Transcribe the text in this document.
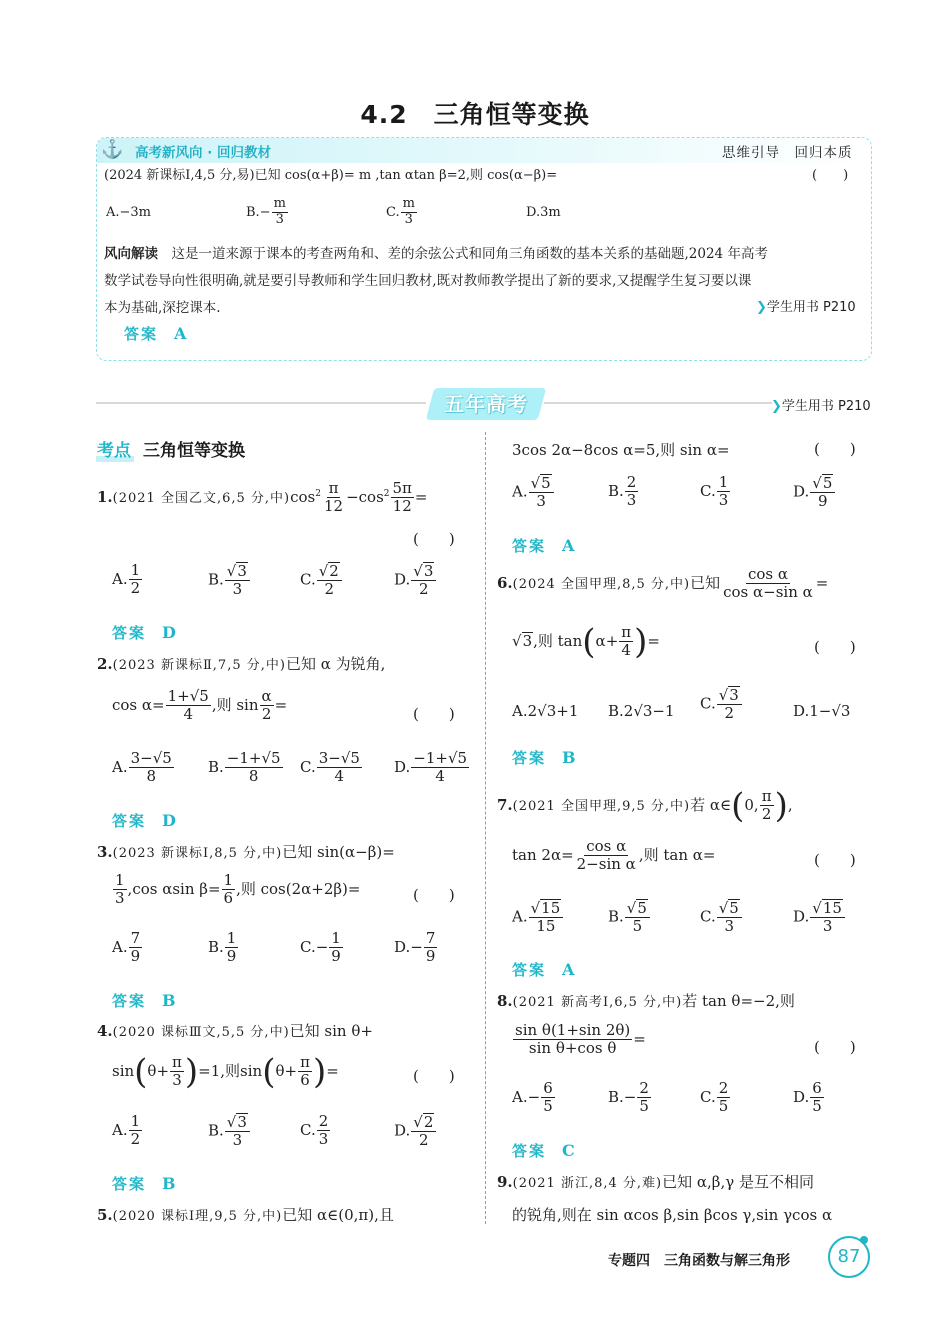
4.2　三角恒等变换
⚓ 高考新风向 · 回归教材	思维引导　回归本质
(2024 新课标Ⅰ,4,5 分,易)已知 cos(α+β)= m ,tan αtan β=2,则 cos(α−β)=	(　　)
A.−3m	$B.- \frac{m}{3}$	C. $\frac{m}{3}$	D.3m
风向解读　 这是一道来源于课本的考查两角和、差的余弦公式和同角三角函数的基本关系的基础题,2024 年高考
数学试卷导向性很明确,就是要引导教师和学生回归教材,既对教师教学提出了新的要求,又提醒学生复习要以课
本为基础,深挖课本.	❯学生用书 P210
答案　 A
五年高考	❯学生用书 P210
考点 三角恒等变换
1.(2021 全国乙文,6,5 分,中)$\cos^2 \frac{\pi}{12} -\cos^2 \frac{5\pi}{12}$ =
(　　)
A. $\frac{1}{2}$	B. $\frac{√3}{3}$	C. $\frac{√2}{2}$	D. $\frac{√3}{2}$
答案　 D
2.(2023 新课标Ⅱ,7,5 分,中)已知 α 为锐角,
$\cos \alpha= \frac{1+√5}{4}$ ,则 $\sin \frac{\alpha}{2}$ =
(　　)
A. $\frac{3-√5}{8} B$. $\frac{-1+√5}{8} C$. $\frac{3-√5}{4} D$. $\frac{-1+√5}{4}$
答案　 D
3.(2023 新课标Ⅰ,8,5 分,中)已知 sin(α−β)=
$\frac{1}{3} ,\cos$ αsin $\beta= \frac{1}{6}$ ,则 cos(2α+2β)=	(　　)
A. $\frac{7}{9}$	B. $\frac{1}{9}$	$C.- \frac{1}{9}$	$D.- \frac{7}{9}$
答案　 B
4.(2020 课标Ⅲ文,5,5 分,中)已知 sin θ+
$\sin(\theta+ \frac{\pi}{3} )=1$,则$\sin(\theta+ \frac{\pi}{6}$ )=	(　　)
A. $\frac{1}{2}$	B. $\frac{√3}{3}$	C. $\frac{2}{3}$	D. $\frac{√2}{2}$
答案　 B
5.(2020 课标Ⅰ理,9,5 分,中)已知 α∈(0,π),且
3cos 2α−8cos α=5,则 sin α=	(　　)
A. $\frac{√5}{3}$	B. $\frac{2}{3}$	C. $\frac{1}{3}$	D. $\frac{√5}{9}$
答案　 A
6.(2024 全国甲理,8,5 分,中)已知 $\frac{\text{cos α}}{\text{cos α−sin α}}$ =
√3,则 $\tan(\alpha+ \frac{\pi}{4}$ )=	(　　)
A.2√3+1 B.2√3−1 C. $\frac{√3}{2}$	D.1−√3
答案　 B
7.(2021 全国甲理,9,5 分,中)若 α∈(0, $\frac{\pi}{2}$ ),
$\tan 2\alpha= \frac{\text{cos α}}{\text{2−sin α}}$ ,则 tan α=	(　　)
A. $\frac{√15}{15}$	B. $\frac{√5}{5}$	C. $\frac{√5}{3}$	D. $\frac{√15}{3}$
答案　 A
8.(2021 新高考Ⅰ,6,5 分,中)若 tan θ=−2,则
$\frac{\text{sin θ(1+sin 2θ)}}{\text{sin θ+cos θ}}$ =	(　　)
$A.- \frac{6}{5}$	$B.- \frac{2}{5}$	C. $\frac{2}{5}$	D. $\frac{6}{5}$
答案　 C
9.(2021 浙江,8,4 分,难)已知 α,β,γ 是互不相同
的锐角,则在 sin αcos β,sin βcos γ,sin γcos α
专题四　三角函数与解三角形	87
